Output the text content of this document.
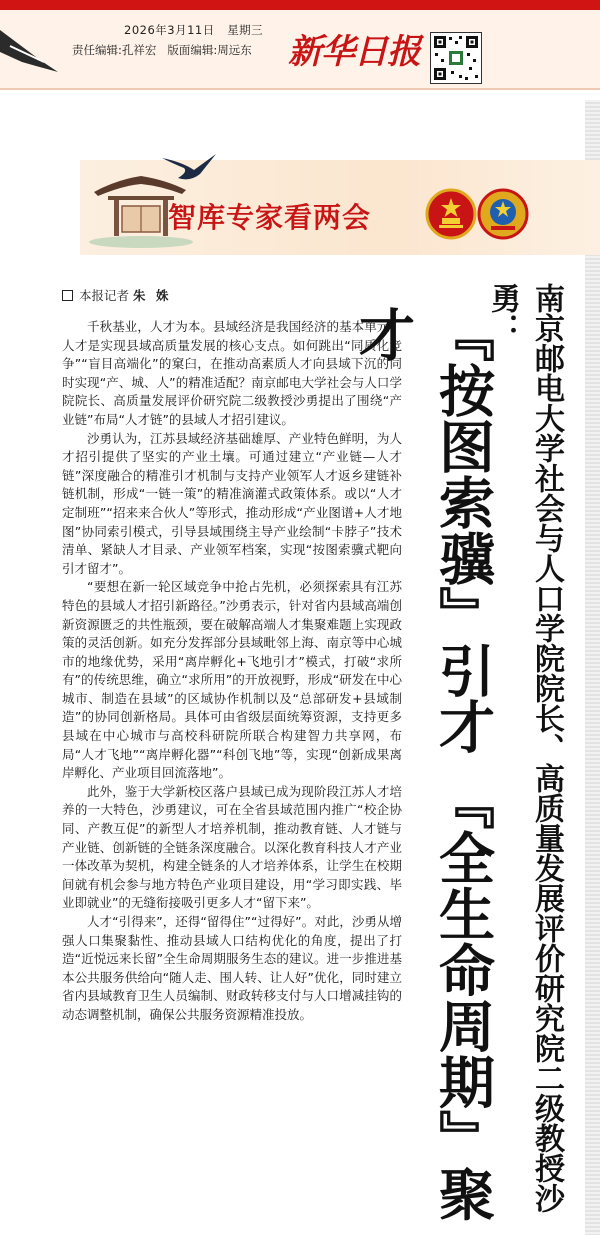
2026年3月11日 星期三
责任编辑:孔祥宏 版面编辑:周远东 新华日报
智库专家看两会
本报记者 朱 姝

千秋基业，人才为本。县域经济是我国经济的基本单元，人才是实现县域高质量发展的核心支点。如何跳出“同质化竞争”“盲目高端化”的窠臼，在推动高素质人才向县域下沉的同时实现“产、城、人”的精准适配？南京邮电大学社会与人口学院院长、高质量发展评价研究院二级教授沙勇提出了围绕“产业链”布局“人才链”的县域人才招引建议。

沙勇认为，江苏县域经济基础雄厚、产业特色鲜明，为人才招引提供了坚实的产业土壤。可通过建立“产业链—人才链”深度融合的精准引才机制与支持产业领军人才返乡建链补链机制，形成“一链一策”的精准滴灌式政策体系。或以“人才定制班”“招来来合伙人”等形式，推动形成“产业图谱+人才地图”协同索引模式，引导县域围绕主导产业绘制“卡脖子”技术清单、紧缺人才目录、产业领军档案，实现“按图索骥式靶向引才留才”。

“要想在新一轮区域竞争中抢占先机，必须探索具有江苏特色的县域人才招引新路径。”沙勇表示，针对省内县域高端创新资源匮乏的共性瓶颈，要在破解高端人才集聚难题上实现政策的灵活创新。如充分发挥部分县域毗邻上海、南京等中心城市的地缘优势，采用“离岸孵化+飞地引才”模式，打破“求所有”的传统思维，确立“求所用”的开放视野，形成“研发在中心城市、制造在县域”的区域协作机制以及“总部研发+县域制造”的协同创新格局。具体可由省级层面统筹资源，支持更多县域在中心城市与高校科研院所联合构建智力共享网，布局“人才飞地”“离岸孵化器”“科创飞地”等，实现“创新成果离岸孵化、产业项目回流落地”。

此外，鉴于大学新校区落户县域已成为现阶段江苏人才培养的一大特色，沙勇建议，可在全省县域范围内推广“校企协同、产教互促”的新型人才培养机制，推动教育链、人才链与产业链、创新链的全链条深度融合。以深化教育科技人才产业一体改革为契机，构建全链条的人才培养体系，让学生在校期间就有机会参与地方特色产业项目建设，用“学习即实践、毕业即就业”的无缝衔接吸引更多人才“留下来”。

人才“引得来”，还得“留得住”“过得好”。对此，沙勇从增强人口集聚黏性、推动县域人口结构优化的角度，提出了打造“近悦远来长留”全生命周期服务生态的建议。进一步推进基本公共服务供给向“随人走、围人转、让人好”优化，同时建立省内县域教育卫生人员编制、财政转移支付与人口增减挂钩的动态调整机制，确保公共服务资源精准投放。	南京邮电大学社会与人口学院院长、高质量发展评价研究院二级教授沙勇：
『按图索骥』引才 『全生命周期』聚才
